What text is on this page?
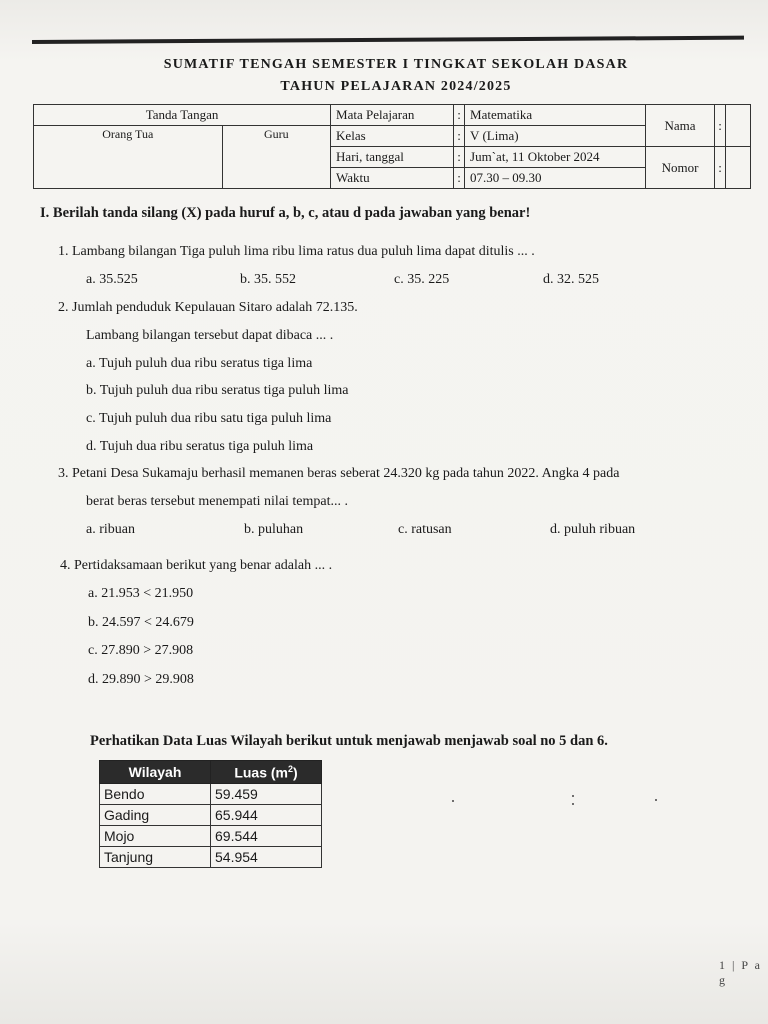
SUMATIF TENGAH SEMESTER I TINGKAT SEKOLAH DASAR
TAHUN PELAJARAN 2024/2025
Tanda Tangan		Mata Pelajaran	:	Matematika	Nama	:	
Orang Tua	Guru	Kelas	:	V (Lima)			
		Hari, tanggal	:	Jum`at, 11 Oktober 2024	Nomor	:	
		Waktu	:	07.30 – 09.30			
I. Berilah tanda silang (X) pada huruf a, b, c, atau d pada jawaban yang benar!
1. Lambang bilangan Tiga puluh lima ribu lima ratus dua puluh lima dapat ditulis ... .
a. 35.525	b. 35. 552	c. 35. 225	d. 32. 525
2. Jumlah penduduk Kepulauan Sitaro adalah 72.135.
Lambang bilangan tersebut dapat dibaca ... .
a. Tujuh puluh dua ribu seratus tiga lima
b. Tujuh puluh dua ribu seratus tiga puluh lima
c. Tujuh puluh dua ribu satu tiga puluh lima
d. Tujuh dua ribu seratus tiga puluh lima
3. Petani Desa Sukamaju berhasil memanen beras seberat 24.320 kg pada tahun 2022. Angka 4 pada
berat beras tersebut menempati nilai tempat... .
a. ribuan	b. puluhan	c. ratusan	d. puluh ribuan
4. Pertidaksamaan berikut yang benar adalah ... .
a. 21.953 < 21.950
b. 24.597 < 24.679
c. 27.890 > 27.908
d. 29.890 > 29.908
Perhatikan Data Luas Wilayah berikut untuk menjawab menjawab soal no 5 dan 6.
Wilayah	Luas $(m^2)$
Bendo	59.459
Gading	65.944
Mojo	69.544
Tanjung	54.954
1 | P a g
